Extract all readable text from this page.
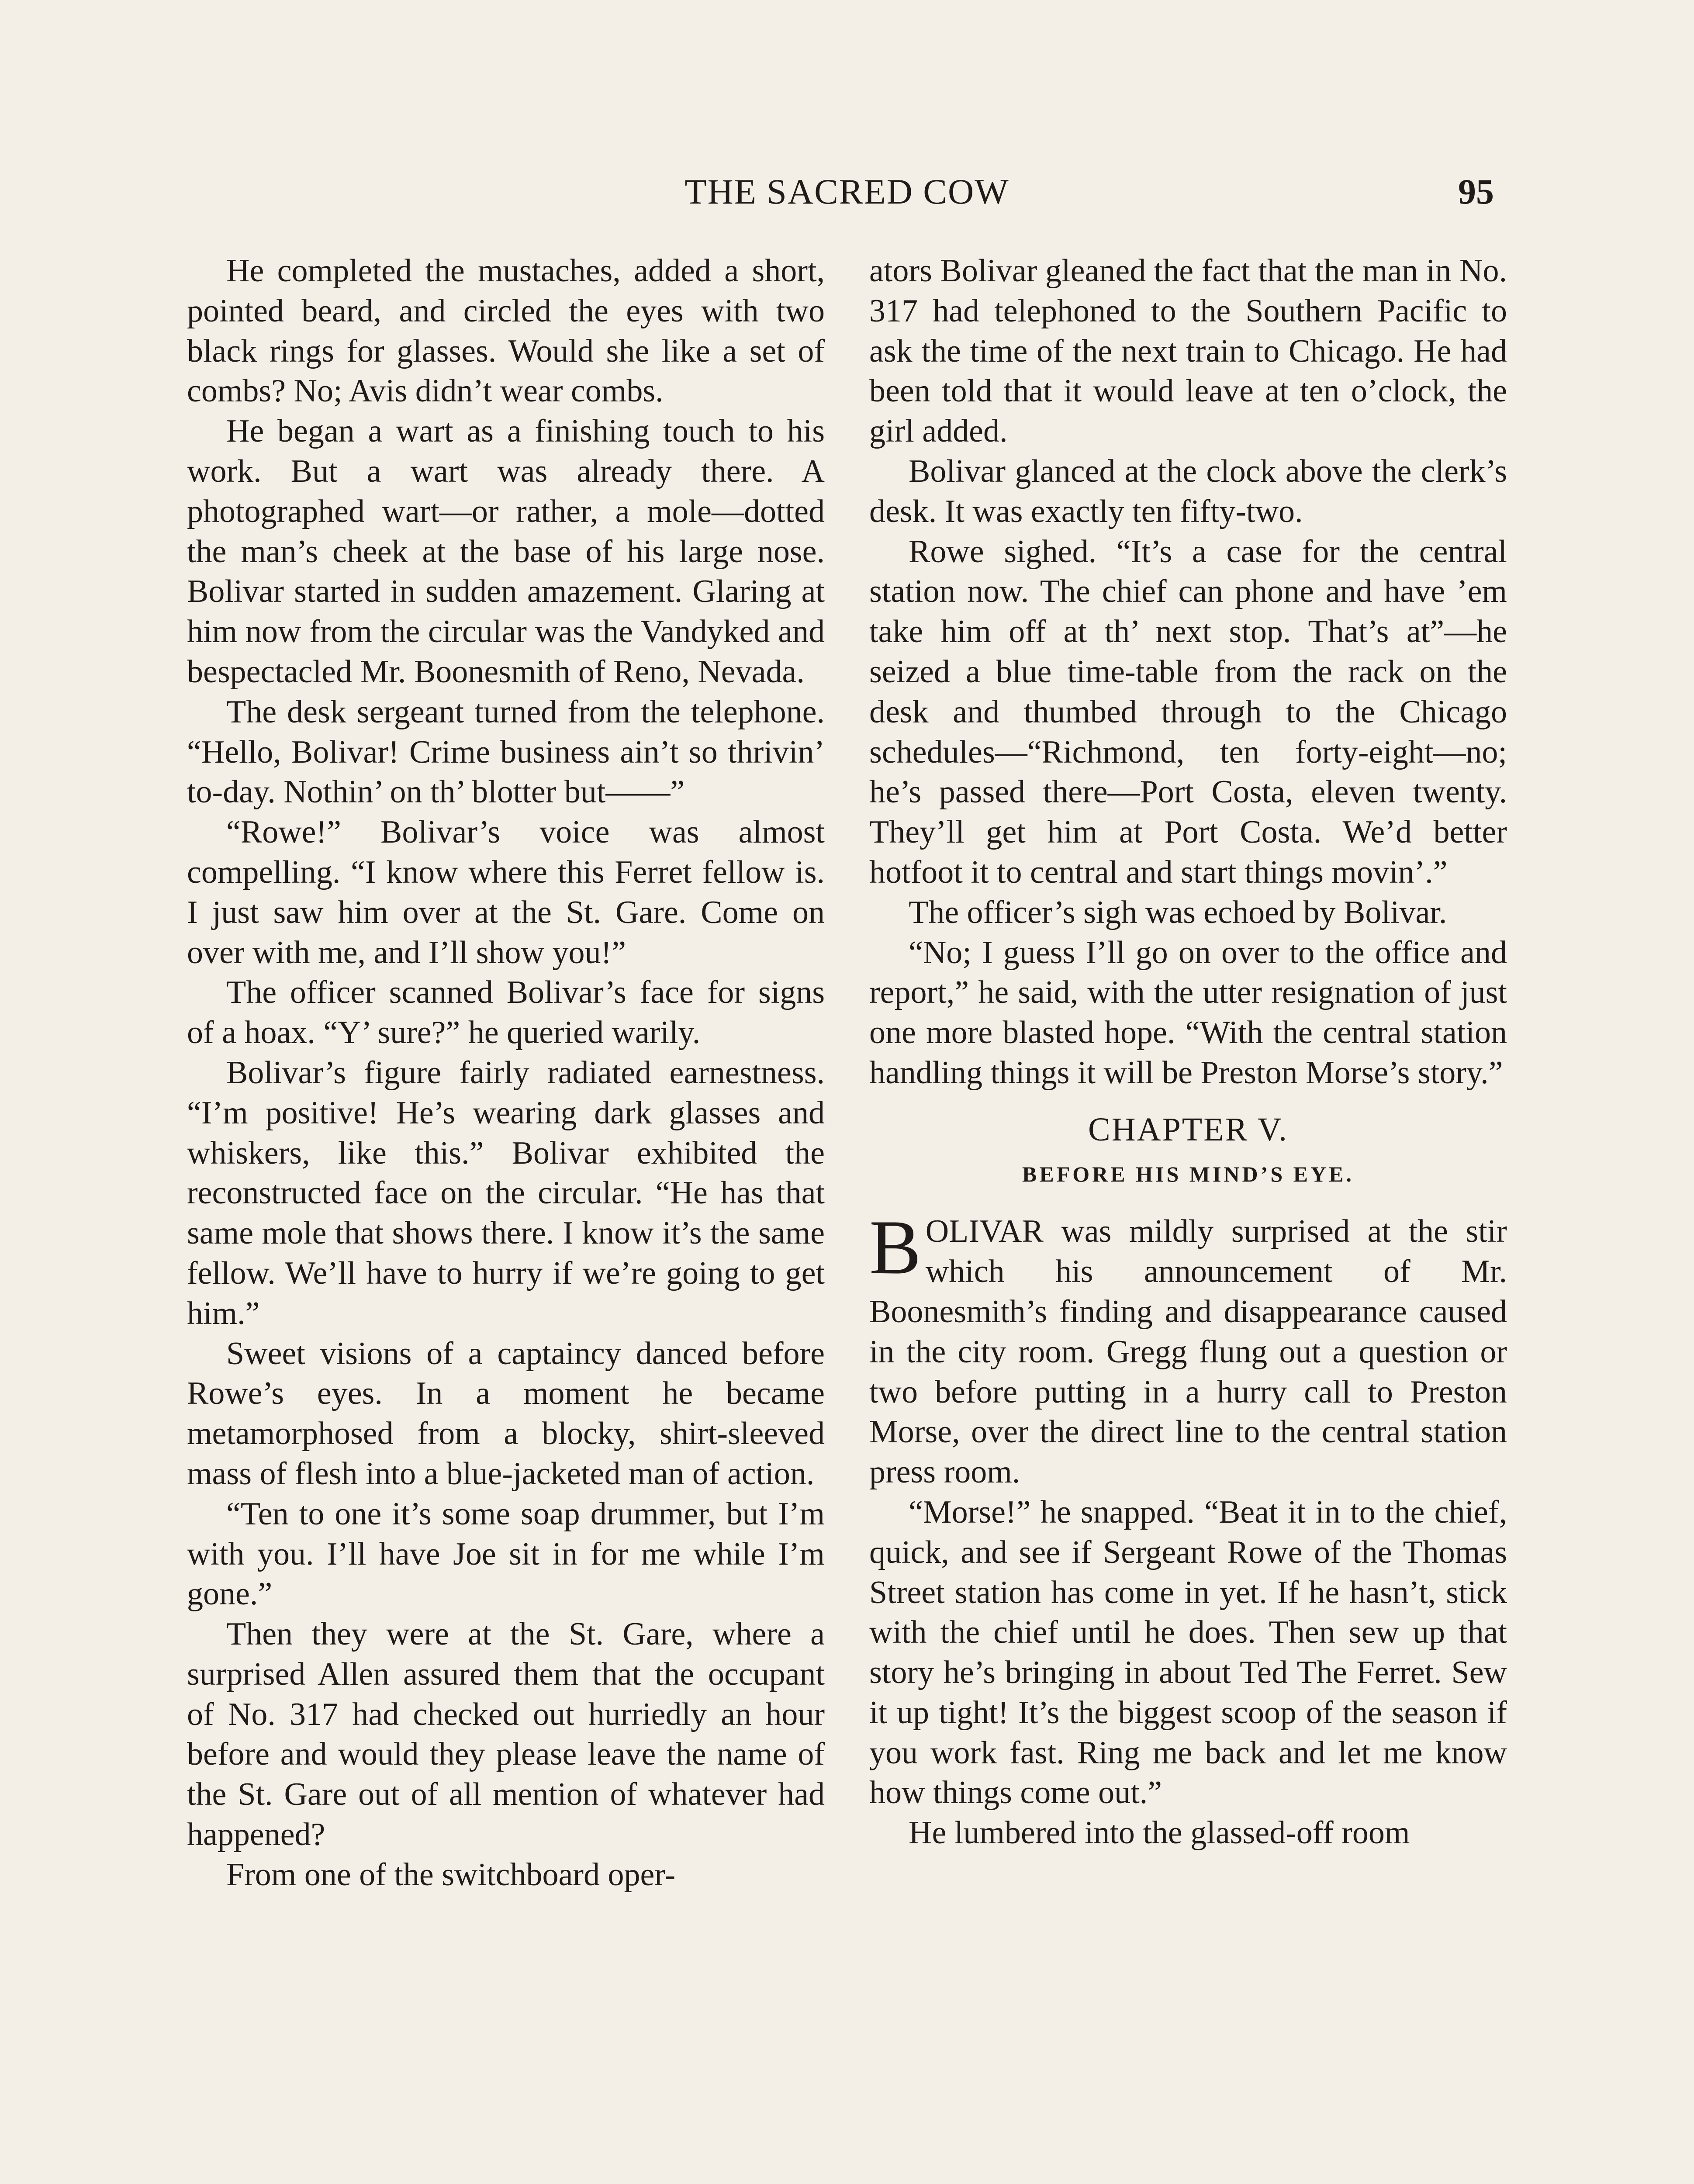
THE SACRED COW	95

He completed the mustaches, added a short, pointed beard, and circled the eyes with two black rings for glasses. Would she like a set of combs? No; Avis didn’t wear combs.

He began a wart as a finishing touch to his work. But a wart was already there. A photographed wart—or rather, a mole—dotted the man’s cheek at the base of his large nose. Bolivar started in sudden amazement. Glaring at him now from the circular was the Vandyked and bespectacled Mr. Boonesmith of Reno, Nevada.

The desk sergeant turned from the telephone. “Hello, Bolivar! Crime business ain’t so thrivin’ to-day. Nothin’ on th’ blotter but——”

“Rowe!” Bolivar’s voice was almost compelling. “I know where this Ferret fellow is. I just saw him over at the St. Gare. Come on over with me, and I’ll show you!”

The officer scanned Bolivar’s face for signs of a hoax. “Y’ sure?” he queried warily.

Bolivar’s figure fairly radiated earnestness. “I’m positive! He’s wearing dark glasses and whiskers, like this.” Bolivar exhibited the reconstructed face on the circular. “He has that same mole that shows there. I know it’s the same fellow. We’ll have to hurry if we’re going to get him.”

Sweet visions of a captaincy danced before Rowe’s eyes. In a moment he became metamorphosed from a blocky, shirt-sleeved mass of flesh into a blue-jacketed man of action.

“Ten to one it’s some soap drummer, but I’m with you. I’ll have Joe sit in for me while I’m gone.”

Then they were at the St. Gare, where a surprised Allen assured them that the occupant of No. 317 had checked out hurriedly an hour before and would they please leave the name of the St. Gare out of all mention of whatever had happened?

From one of the switchboard oper-

ators Bolivar gleaned the fact that the man in No. 317 had telephoned to the Southern Pacific to ask the time of the next train to Chicago. He had been told that it would leave at ten o’clock, the girl added.

Bolivar glanced at the clock above the clerk’s desk. It was exactly ten fifty-two.

Rowe sighed. “It’s a case for the central station now. The chief can phone and have ’em take him off at th’ next stop. That’s at”—he seized a blue time-table from the rack on the desk and thumbed through to the Chicago schedules—“Richmond, ten forty-eight—no; he’s passed there—Port Costa, eleven twenty. They’ll get him at Port Costa. We’d better hotfoot it to central and start things movin’.”

The officer’s sigh was echoed by Bolivar.

“No; I guess I’ll go on over to the office and report,” he said, with the utter resignation of just one more blasted hope. “With the central station handling things it will be Preston Morse’s story.”

CHAPTER V.
BEFORE HIS MIND’S EYE.

BOLIVAR was mildly surprised at the stir which his announcement of Mr. Boonesmith’s finding and disappearance caused in the city room. Gregg flung out a question or two before putting in a hurry call to Preston Morse, over the direct line to the central station press room.

“Morse!” he snapped. “Beat it in to the chief, quick, and see if Sergeant Rowe of the Thomas Street station has come in yet. If he hasn’t, stick with the chief until he does. Then sew up that story he’s bringing in about Ted The Ferret. Sew it up tight! It’s the biggest scoop of the season if you work fast. Ring me back and let me know how things come out.”

He lumbered into the glassed-off room
